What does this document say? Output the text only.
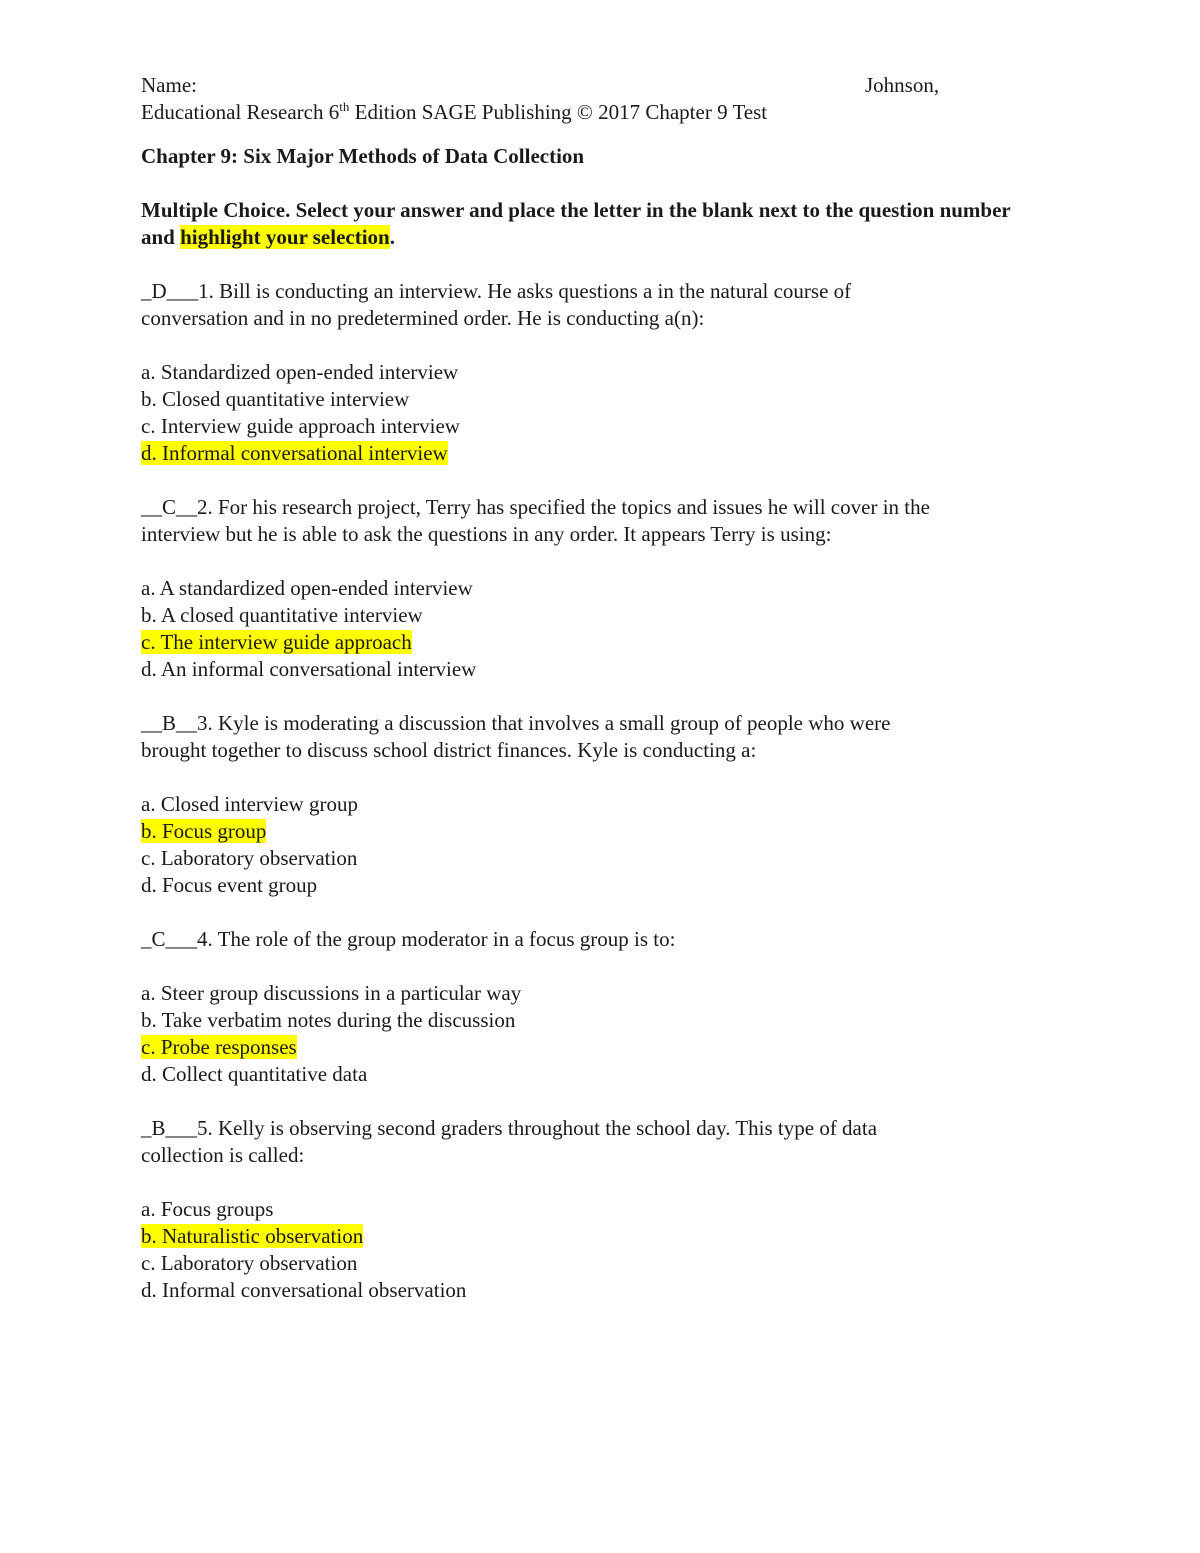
Name:	Johnson,

Educational Research 6th Edition SAGE Publishing © 2017 Chapter 9 Test

Chapter 9: Six Major Methods of Data Collection

Multiple Choice. Select your answer and place the letter in the blank next to the question number and highlight your selection.

_D___1. Bill is conducting an interview. He asks questions a in the natural course of

conversation and in no predetermined order. He is conducting a(n):

a. Standardized open-ended interview

b. Closed quantitative interview

c. Interview guide approach interview

d. Informal conversational interview

__C__2. For his research project, Terry has specified the topics and issues he will cover in the

interview but he is able to ask the questions in any order. It appears Terry is using:

a. A standardized open-ended interview

b. A closed quantitative interview

c. The interview guide approach

d. An informal conversational interview

__B__3. Kyle is moderating a discussion that involves a small group of people who were

brought together to discuss school district finances. Kyle is conducting a:

a. Closed interview group

b. Focus group

c. Laboratory observation

d. Focus event group

_C___4. The role of the group moderator in a focus group is to:

a. Steer group discussions in a particular way

b. Take verbatim notes during the discussion

c. Probe responses

d. Collect quantitative data

_B___5. Kelly is observing second graders throughout the school day. This type of data

collection is called:

a. Focus groups

b. Naturalistic observation

c. Laboratory observation

d. Informal conversational observation
